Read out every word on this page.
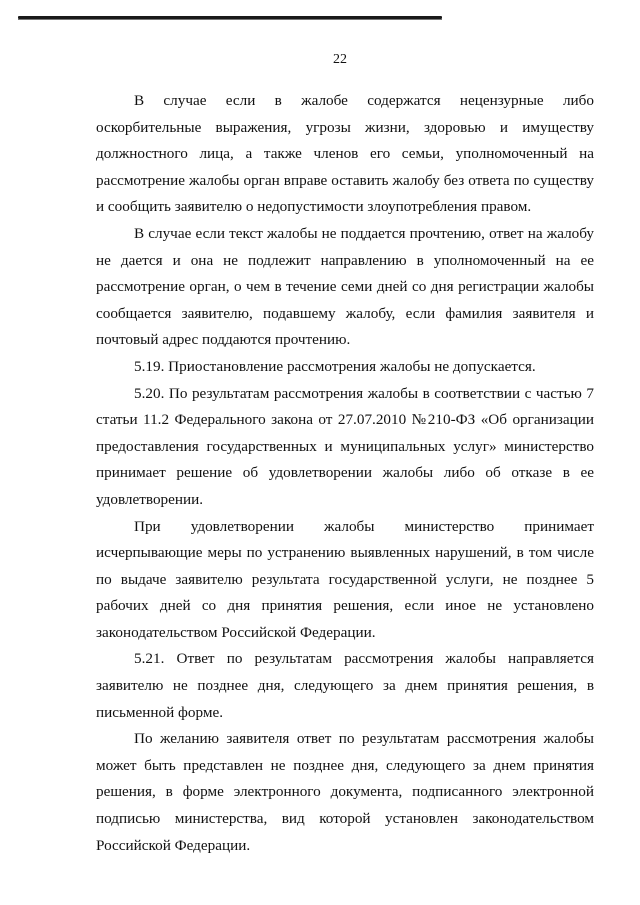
22

В случае если в жалобе содержатся нецензурные либо оскорбительные выражения, угрозы жизни, здоровью и имуществу должностного лица, а также членов его семьи, уполномоченный на рассмотрение жалобы орган вправе оставить жалобу без ответа по существу и сообщить заявителю о недопустимости злоупотребления правом.

В случае если текст жалобы не поддается прочтению, ответ на жалобу не дается и она не подлежит направлению в уполномоченный на ее рассмотрение орган, о чем в течение семи дней со дня регистрации жалобы сообщается заявителю, подавшему жалобу, если фамилия заявителя и почтовый адрес поддаются прочтению.

5.19. Приостановление рассмотрения жалобы не допускается.

5.20. По результатам рассмотрения жалобы в соответствии с частью 7 статьи 11.2 Федерального закона от 27.07.2010 №210-ФЗ «Об организации предоставления государственных и муниципальных услуг» министерство принимает решение об удовлетворении жалобы либо об отказе в ее удовлетворении.

При удовлетворении жалобы министерство принимает исчерпывающие меры по устранению выявленных нарушений, в том числе по выдаче заявителю результата государственной услуги, не позднее 5 рабочих дней со дня принятия решения, если иное не установлено законодательством Российской Федерации.

5.21. Ответ по результатам рассмотрения жалобы направляется заявителю не позднее дня, следующего за днем принятия решения, в письменной форме.

По желанию заявителя ответ по результатам рассмотрения жалобы может быть представлен не позднее дня, следующего за днем принятия решения, в форме электронного документа, подписанного электронной подписью министерства, вид которой установлен законодательством Российской Федерации.
